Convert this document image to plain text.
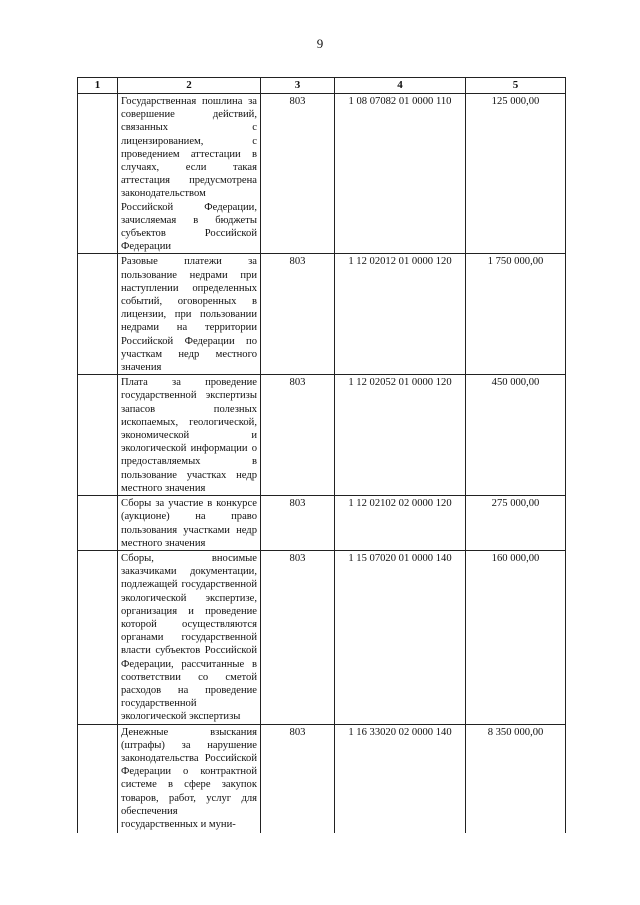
9
1	2	3	4	5
	Государственная пошлина за совершение действий, связанных с лицензированием, с проведением аттестации в случаях, если такая аттестация предусмотрена законодательством Российской Федерации, зачисляемая в бюджеты субъектов Российской Федерации	803	1 08 07082 01 0000 110	125 000,00
	Разовые платежи за пользование недрами при наступлении определенных событий, оговоренных в лицензии, при пользовании недрами на территории Российской Федерации по участкам недр местного значения	803	1 12 02012 01 0000 120	1 750 000,00
	Плата за проведение государственной экспертизы запасов полезных ископаемых, геологической, экономической и экологической информации о предоставляемых в пользование участках недр местного значения	803	1 12 02052 01 0000 120	450 000,00
	Сборы за участие в конкурсе (аукционе) на право пользования участками недр местного значения	803	1 12 02102 02 0000 120	275 000,00
	Сборы, вносимые заказчиками документации, подлежащей государственной экологической экспертизе, организация и проведение которой осуществляются органами государственной власти субъектов Российской Федерации, рассчитанные в соответствии со сметой расходов на проведение государственной экологической экспертизы	803	1 15 07020 01 0000 140	160 000,00
	Денежные взыскания (штрафы) за нарушение законодательства Российской Федерации о контрактной системе в сфере закупок товаров, работ, услуг для обеспечения государственных и муни-	803	1 16 33020 02 0000 140	8 350 000,00
